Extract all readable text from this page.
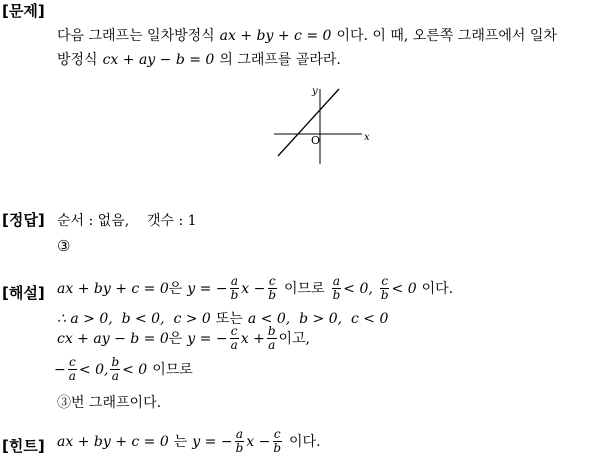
[문제]
다음 그래프는 일차방정식 ax + by + c = 0 이다. 이 때, 오른쪽 그래프에서 일차
방정식 cx + ay − b = 0 의 그래프를 골라라.
y
x
O
[정답] 순서 : 없음,    갯수 : 1
③
[해설] ax + by + c = 0 은 y = − $\frac{a}{b}$ $x - \frac{c}{b}$ 이므로 $\frac{a}{b} < 0$, $\frac{c}{b} < 0$ 이다.
∴ a > 0,  b < 0,  c > 0 또는 a < 0,  b > 0,  c < 0
cx + ay − b = 0 은 y = − $\frac{c}{a}$ $x + \frac{b}{a}$ 이고,
− $\frac{c}{a} < 0$, $\frac{b}{a} < 0$ 이므로
③번 그래프이다.
[힌트] ax + by + c = 0 는 y = − $\frac{a}{b}$ $x - \frac{c}{b}$ 이다.
